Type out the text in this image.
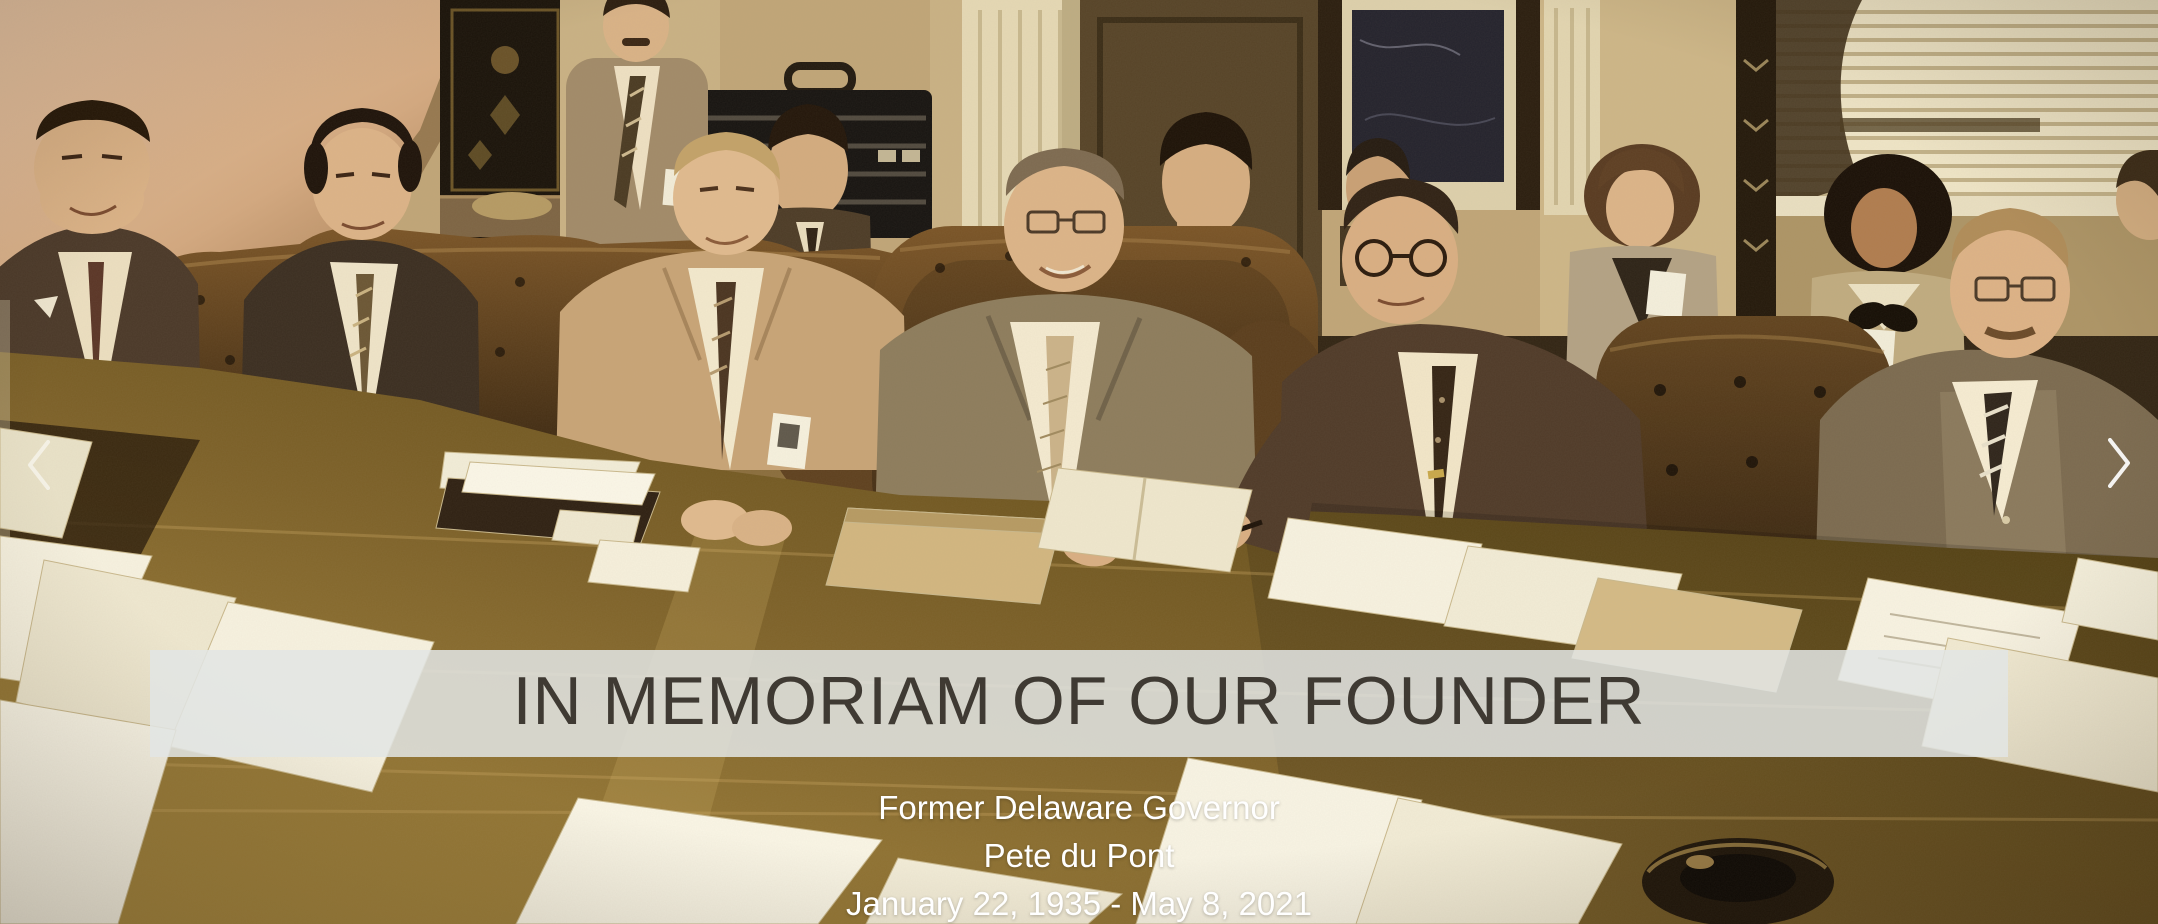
IN MEMORIAM OF OUR FOUNDER
Former Delaware Governor
Pete du Pont
January 22, 1935 - May 8, 2021
